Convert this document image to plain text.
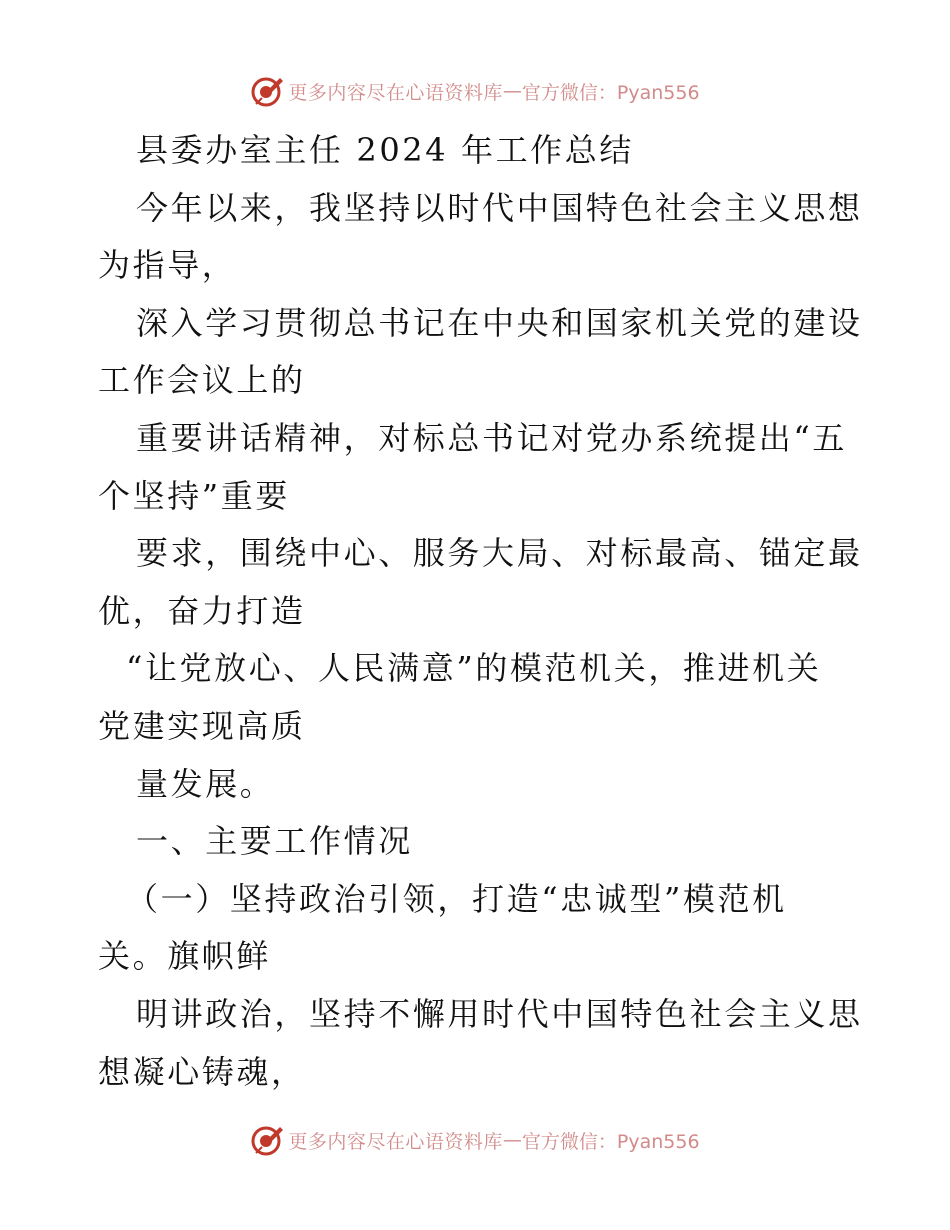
更多内容尽在心语资料库 — 官方微信：Pyan556
县委办室主任 2024 年工作总结
今年以来，我坚持以时代中国特色社会主义思想
为指导，
深入学习贯彻总书记在中央和国家机关党的建设
工作会议上的
重要讲话精神，对标总书记对党办系统提出“五
个坚持”重要
要求，围绕中心、服务大局、对标最高、锚定最
优，奋力打造
“让党放心、人民满意”的模范机关，推进机关
党建实现高质
量发展。
一、主要工作情况
（一）坚持政治引领，打造“忠诚型”模范机
关。旗帜鲜
明讲政治，坚持不懈用时代中国特色社会主义思
想凝心铸魂，
更多内容尽在心语资料库 — 官方微信：Pyan556
